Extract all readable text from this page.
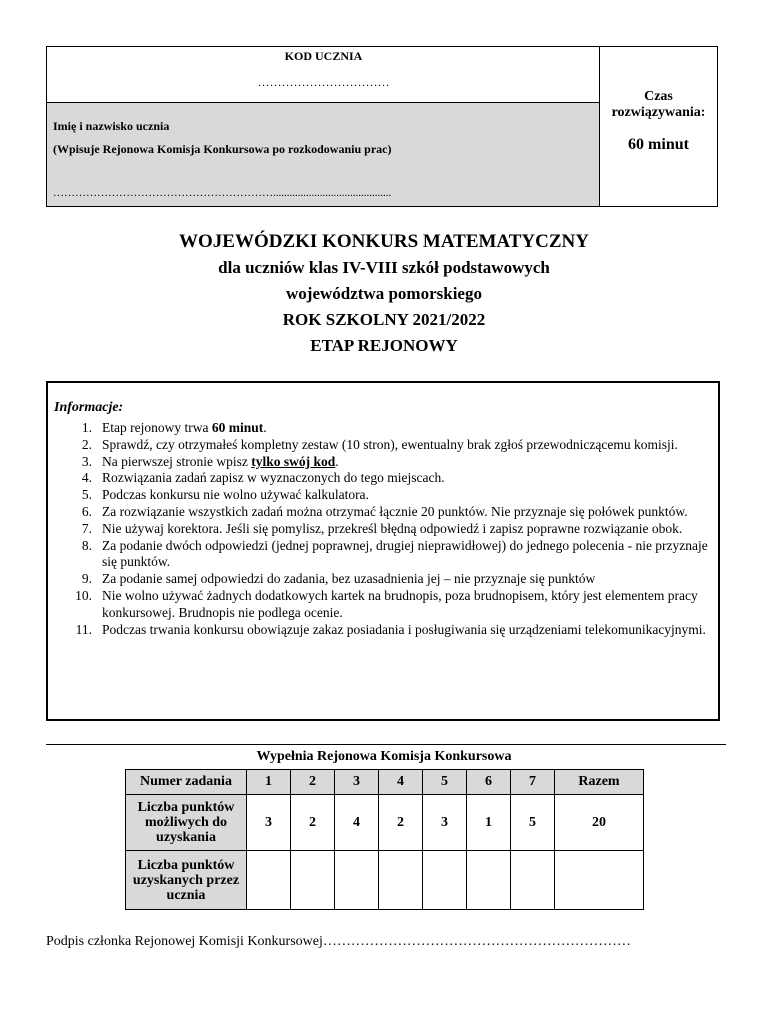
KOD UCZNIA
……………………………
Imię i nazwisko ucznia
(Wpisuje Rejonowa Komisja Konkursowa po rozkodowaniu prac)
……………………………………………………...........................................
Czas rozwiązywania:
60 minut
WOJEWÓDZKI KONKURS MATEMATYCZNY
dla uczniów klas IV-VIII szkół podstawowych
województwa pomorskiego
ROK SZKOLNY 2021/2022
ETAP REJONOWY
Informacje:
1. Etap rejonowy trwa 60 minut.
2. Sprawdź, czy otrzymałeś kompletny zestaw (10 stron), ewentualny brak zgłoś przewodniczącemu komisji.
3. Na pierwszej stronie wpisz tylko swój kod.
4. Rozwiązania zadań zapisz w wyznaczonych do tego miejscach.
5. Podczas konkursu nie wolno używać kalkulatora.
6. Za rozwiązanie wszystkich zadań można otrzymać łącznie 20 punktów. Nie przyznaje się połówek punktów.
7. Nie używaj korektora. Jeśli się pomylisz, przekreśl błędną odpowiedź i zapisz poprawne rozwiązanie obok.
8. Za podanie dwóch odpowiedzi (jednej poprawnej, drugiej nieprawidłowej) do jednego polecenia - nie przyznaje się punktów.
9. Za podanie samej odpowiedzi do zadania, bez uzasadnienia jej – nie przyznaje się punktów
10. Nie wolno używać żadnych dodatkowych kartek na brudnopis, poza brudnopisem, który jest elementem pracy konkursowej. Brudnopis nie podlega ocenie.
11. Podczas trwania konkursu obowiązuje zakaz posiadania i posługiwania się urządzeniami telekomunikacyjnymi.
Wypełnia Rejonowa Komisja Konkursowa
Numer zadania	1	2	3	4	5	6	7	Razem
Liczba punktów możliwych do uzyskania	3	2	4	2	3	1	5	20
Liczba punktów uzyskanych przez ucznia								
Podpis członka Rejonowej Komisji Konkursowej…………………………………………………………
